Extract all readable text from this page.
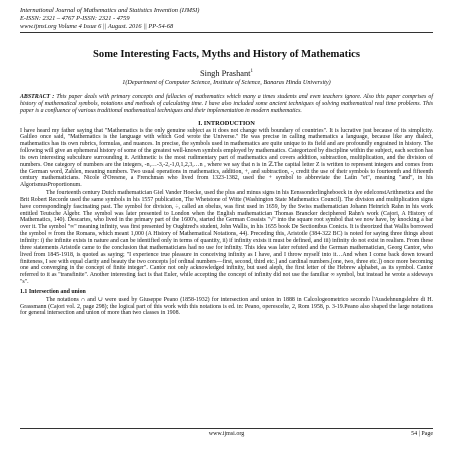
International Journal of Mathematics and Statistics Invention (IJMSI)
E-ISSN: 2321 – 4767 P-ISSN: 2321 - 4759
www.ijmsi.org Volume 4 Issue 6 || August. 2016 || PP-54-68
Some Interesting Facts, Myths and History of Mathematics
Singh Prashant$^1$
1(Department of Computer Science, Institute of Science, Banaras Hindu University)
ABSTRACT : This paper deals with primary concepts and fallacies of mathematics which many a times students and even teachers ignore. Also this paper comprises of history of mathematical symbols, notations and methods of calculating time. I have also included some ancient techniques of solving mathematical real time problems. This paper is a confluence of various traditional mathematical techniques and their implementation in modern mathematics.
I. INTRODUCTION

I have heard my father saying that "Mathematics is the only genuine subject as it does not change with boundary of countries". It is lucrative just because of its simplicity. Galileo once said, "Mathematics is the language with which God wrote the Universe." He was precise in calling mathematics a language, because like any dialect, mathematics has its own rubrics, formulas, and nuances. In precise, the symbols used in mathematics are quite unique to its field and are profoundly engrained in history. The following will give an ephemeral history of some of the greatest well-known symbols employed by mathematics. Categorized by discipline within the subject, each section has its own interesting subculture surrounding it. Arithmetic is the most rudimentary part of mathematics and covers addition, subtraction, multiplication, and the division of numbers. One category of numbers are the integers, -n,…-3,-2,-1,0,1,2,3,…n , where we say that n is in ℤ.The capital letter Z is written to represent integers and comes from the German word, Zahlen, meaning numbers. Two usual operations in mathematics, addition, +, and subtraction, -, credit the use of their symbols to fourteenth and fifteenth century mathematicians. Nicole d'Oresme, a Frenchman who lived from 1323-1382, used the + symbol to abbreviate the Latin "et", meaning "and", in his AlgorismusProportionum.

The fourteenth century Dutch mathematician Giel Vander Hoecke, used the plus and minus signs in his Eenssonderlingheboeck in dye edelconstArithmetica and the Brit Robert Recorde used the same symbols in his 1557 publication, The Whetstone of Witte (Washington State Mathematics Council). The division and multiplication signs have correspondingly fascinating past. The symbol for division, ÷, called an obelus, was first used in 1659, by the Swiss mathematician Johann Heinrich Rahn in his work entitled Teutsche Algebr. The symbol was later presented to London when the English mathematician Thomas Brancker deciphered Rahn's work (Cajori, A History of Mathematics, 140). Descartes, who lived in the primary part of the 1600's, started the German Cossists "√" into the square root symbol that we now have, by knocking a bar over it. The symbol "∞" meaning infinity, was first presented by Oughtred's student, John Wallis, in his 1655 book De Sectionibus Conicis. It is theorized that Wallis borrowed the symbol ∞ from the Romans, which meant 1,000 (A History of Mathematical Notations, 44). Preceding this, Aristotle (384-322 BC) is noted for saying three things about infinity: i) the infinite exists in nature and can be identified only in terms of quantity, ii) if infinity exists it must be defined, and iii) infinity do not exist in realism. From these three statements Aristotle came to the conclusion that mathematicians had no use for infinity. This idea was later refuted and the German mathematician, Georg Cantor, who lived from 1845-1918, is quoted as saying; "I experience true pleasure in conceiving infinity as I have, and I throw myself into it…And when I come back down toward finiteness, I see with equal clarity and beauty the two concepts [of ordinal numbers—first, second, third etc.] and cardinal numbers.[one, two, three etc.]) once more becoming one and converging in the concept of finite integer". Cantor not only acknowledged infinity, but used aleph, the first letter of the Hebrew alphabet, as its symbol. Cantor referred to it as "transfinite". Another interesting fact is that Euler, while accepting the concept of infinity did not use the familiar ∞ symbol, but instead he wrote a sideways "s".

1.1 Intersection and union

The notations ∩ and ∪ were used by Giuseppe Peano (1858-1932) for intersection and union in 1888 in Calcologeometrico secondo l'Ausdehnungslehre di H. Grassmann (Cajori vol. 2, page 298); the logical part of this work with this notations is ed. in: Peano, operescelte, 2, Rom 1958, p. 3-19.Peano also shaped the large notations for general intersection and union of more than two classes in 1908.

www.ijmsi.org	54 | Page
